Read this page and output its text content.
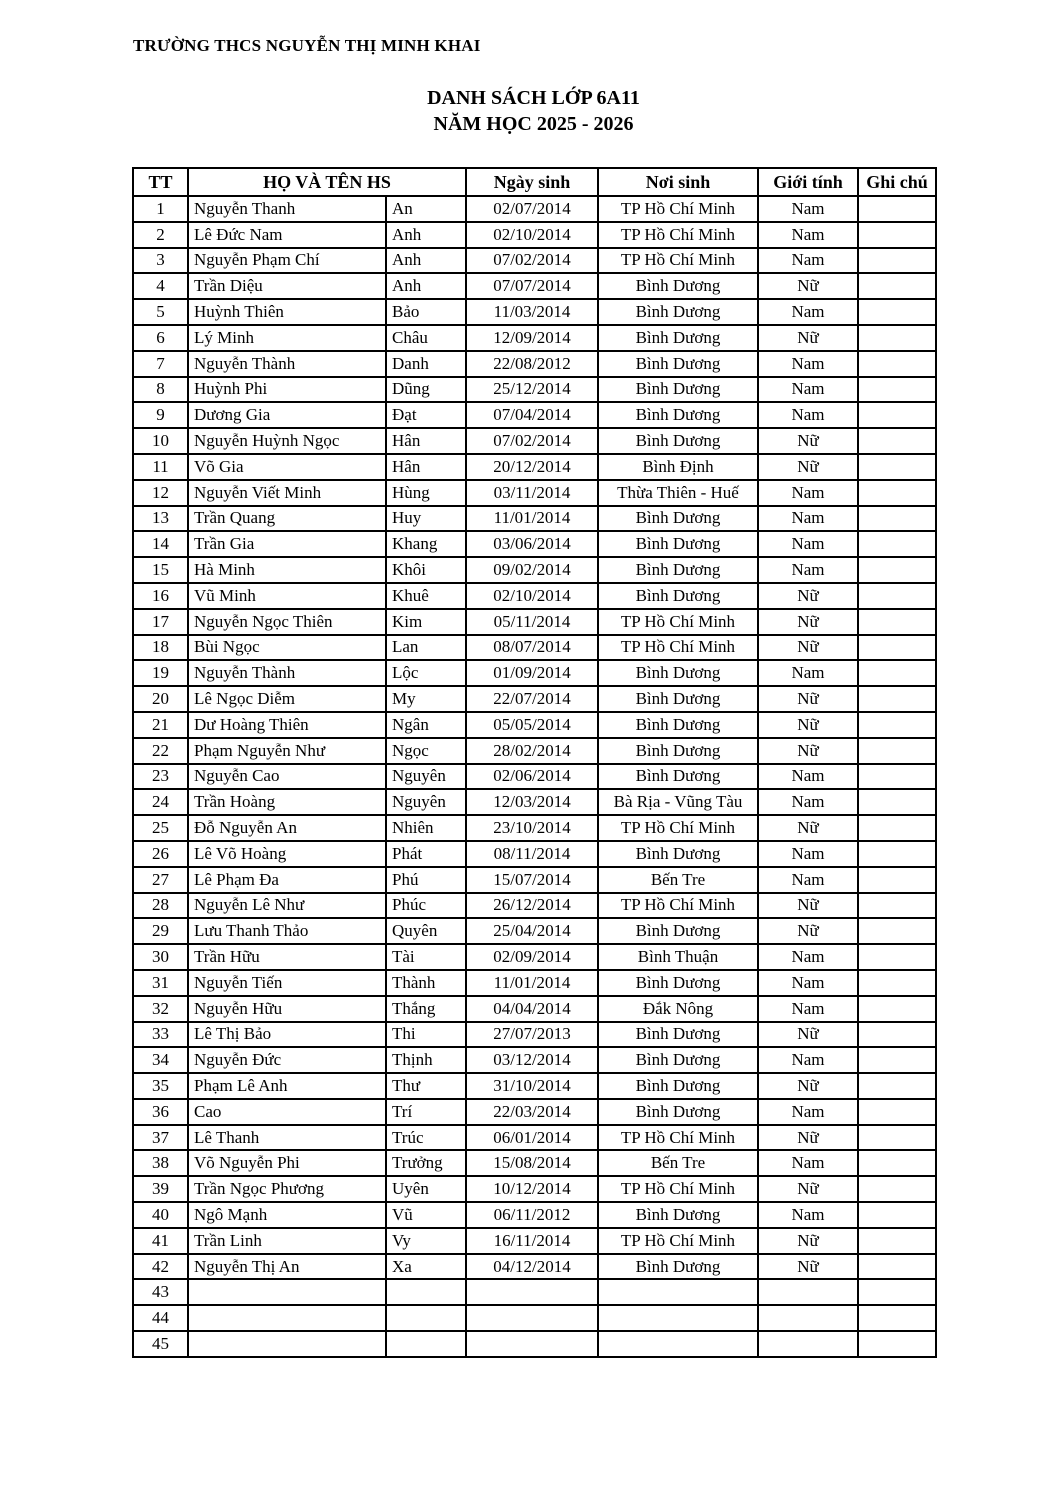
TRƯỜNG THCS NGUYỄN THỊ MINH KHAI
DANH SÁCH LỚP 6A11
NĂM HỌC 2025 - 2026
TT	HỌ VÀ TÊN HS		Ngày sinh	Nơi sinh	Giới tính	Ghi chú
1	Nguyễn Thanh	An	02/07/2014	TP Hồ Chí Minh	Nam	
2	Lê Đức Nam	Anh	02/10/2014	TP Hồ Chí Minh	Nam	
3	Nguyễn Phạm Chí	Anh	07/02/2014	TP Hồ Chí Minh	Nam	
4	Trần Diệu	Anh	07/07/2014	Bình Dương	Nữ	
5	Huỳnh Thiên	Bảo	11/03/2014	Bình Dương	Nam	
6	Lý Minh	Châu	12/09/2014	Bình Dương	Nữ	
7	Nguyễn Thành	Danh	22/08/2012	Bình Dương	Nam	
8	Huỳnh Phi	Dũng	25/12/2014	Bình Dương	Nam	
9	Dương Gia	Đạt	07/04/2014	Bình Dương	Nam	
10	Nguyễn Huỳnh Ngọc	Hân	07/02/2014	Bình Dương	Nữ	
11	Võ Gia	Hân	20/12/2014	Bình Định	Nữ	
12	Nguyễn Viết Minh	Hùng	03/11/2014	Thừa Thiên - Huế	Nam	
13	Trần Quang	Huy	11/01/2014	Bình Dương	Nam	
14	Trần Gia	Khang	03/06/2014	Bình Dương	Nam	
15	Hà Minh	Khôi	09/02/2014	Bình Dương	Nam	
16	Vũ Minh	Khuê	02/10/2014	Bình Dương	Nữ	
17	Nguyễn Ngọc Thiên	Kim	05/11/2014	TP Hồ Chí Minh	Nữ	
18	Bùi Ngọc	Lan	08/07/2014	TP Hồ Chí Minh	Nữ	
19	Nguyễn Thành	Lộc	01/09/2014	Bình Dương	Nam	
20	Lê Ngọc Diễm	My	22/07/2014	Bình Dương	Nữ	
21	Dư Hoàng Thiên	Ngân	05/05/2014	Bình Dương	Nữ	
22	Phạm Nguyễn Như	Ngọc	28/02/2014	Bình Dương	Nữ	
23	Nguyễn Cao	Nguyên	02/06/2014	Bình Dương	Nam	
24	Trần Hoàng	Nguyên	12/03/2014	Bà Rịa - Vũng Tàu	Nam	
25	Đỗ Nguyễn An	Nhiên	23/10/2014	TP Hồ Chí Minh	Nữ	
26	Lê Võ Hoàng	Phát	08/11/2014	Bình Dương	Nam	
27	Lê Phạm Đa	Phú	15/07/2014	Bến Tre	Nam	
28	Nguyễn Lê Như	Phúc	26/12/2014	TP Hồ Chí Minh	Nữ	
29	Lưu Thanh Thảo	Quyên	25/04/2014	Bình Dương	Nữ	
30	Trần Hữu	Tài	02/09/2014	Bình Thuận	Nam	
31	Nguyễn Tiến	Thành	11/01/2014	Bình Dương	Nam	
32	Nguyễn Hữu	Thắng	04/04/2014	Đắk Nông	Nam	
33	Lê Thị Bảo	Thi	27/07/2013	Bình Dương	Nữ	
34	Nguyễn Đức	Thịnh	03/12/2014	Bình Dương	Nam	
35	Phạm Lê Anh	Thư	31/10/2014	Bình Dương	Nữ	
36	Cao	Trí	22/03/2014	Bình Dương	Nam	
37	Lê Thanh	Trúc	06/01/2014	TP Hồ Chí Minh	Nữ	
38	Võ Nguyễn Phi	Trưởng	15/08/2014	Bến Tre	Nam	
39	Trần Ngọc Phương	Uyên	10/12/2014	TP Hồ Chí Minh	Nữ	
40	Ngô Mạnh	Vũ	06/11/2012	Bình Dương	Nam	
41	Trần Linh	Vy	16/11/2014	TP Hồ Chí Minh	Nữ	
42	Nguyễn Thị An	Xa	04/12/2014	Bình Dương	Nữ	
43						
44						
45						
